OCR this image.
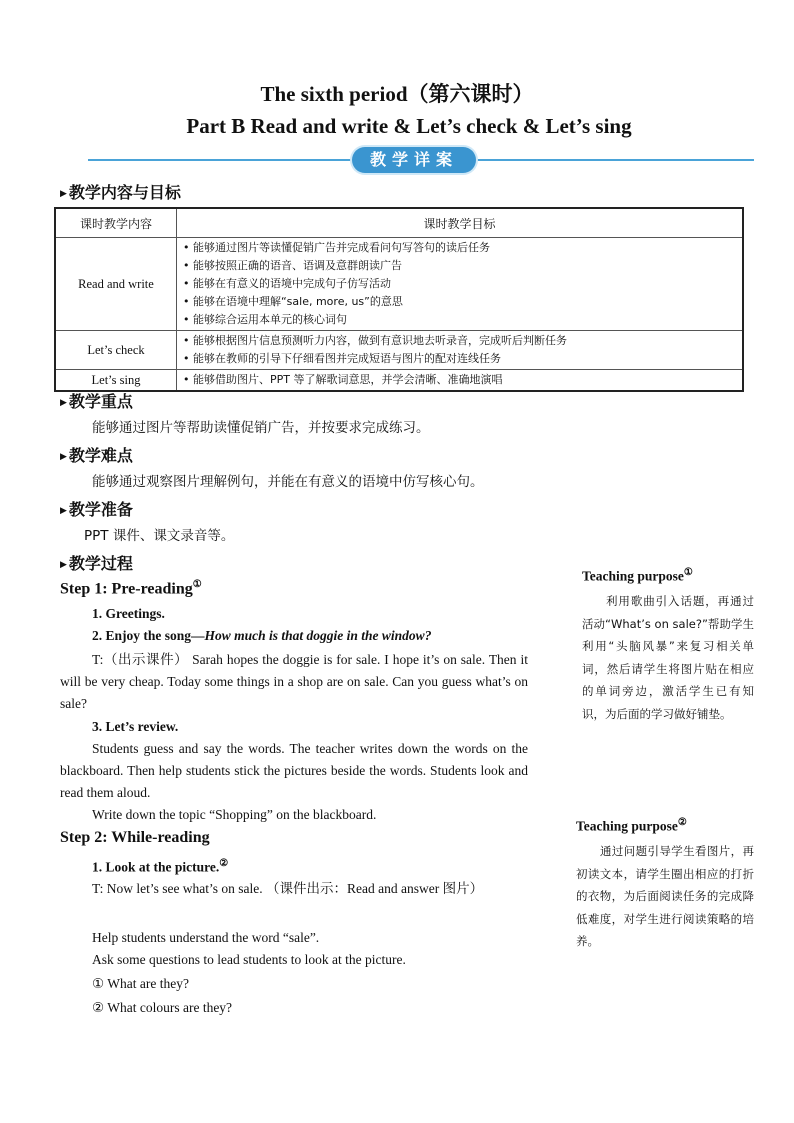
The sixth period（第六课时）
Part B Read and write & Let’s check & Let’s sing
教学详案
▶ 教学内容与目标
课时教学内容	课时教学目标
Read and write	• 能够通过图片等读懂促销广告并完成看问句写答句的读后任务
• 能够按照正确的语音、语调及意群朗读广告
• 能够在有意义的语境中完成句子仿写活动
• 能够在语境中理解“sale, more, us”的意思
• 能够综合运用本单元的核心词句

Let’s check	• 能够根据图片信息预测听力内容，做到有意识地去听录音，完成听后判断任务
• 能够在教师的引导下仔细看图并完成短语与图片的配对连线任务

Let’s sing	• 能够借助图片、PPT 等了解歌词意思，并学会清晰、准确地演唱
▶ 教学重点
能够通过图片等帮助读懂促销广告，并按要求完成练习。
▶ 教学难点
能够通过观察图片理解例句，并能在有意义的语境中仿写核心句。
▶ 教学准备
PPT 课件、课文录音等。
▶ 教学过程
Step 1: Pre-reading①
1. Greetings.
2. Enjoy the song—How much is that doggie in the window?
T:（出示课件） Sarah hopes the doggie is for sale. I hope it’s on sale. Then it will be very cheap. Today some things in a shop are on sale. Can you guess what’s on sale?
3. Let’s review.
Students guess and say the words. The teacher writes down the words on the blackboard. Then help students stick the pictures beside the words. Students look and read them aloud.
Write down the topic “Shopping” on the blackboard.
Step 2: While-reading
1. Look at the picture.②
T: Now let’s see what’s on sale. （课件出示：Read and answer 图片）
Help students understand the word “sale”.
Ask some questions to lead students to look at the picture.
① What are they?
② What colours are they?
Teaching purpose①
利用歌曲引入话题，再通过活动“What’s on sale?”帮助学生利用“头脑风暴”来复习相关单词，然后请学生将图片贴在相应的单词旁边，激活学生已有知识，为后面的学习做好铺垫。
Teaching purpose②
通过问题引导学生看图片，再初读文本，请学生圈出相应的打折的衣物，为后面阅读任务的完成降低难度，对学生进行阅读策略的培养。
